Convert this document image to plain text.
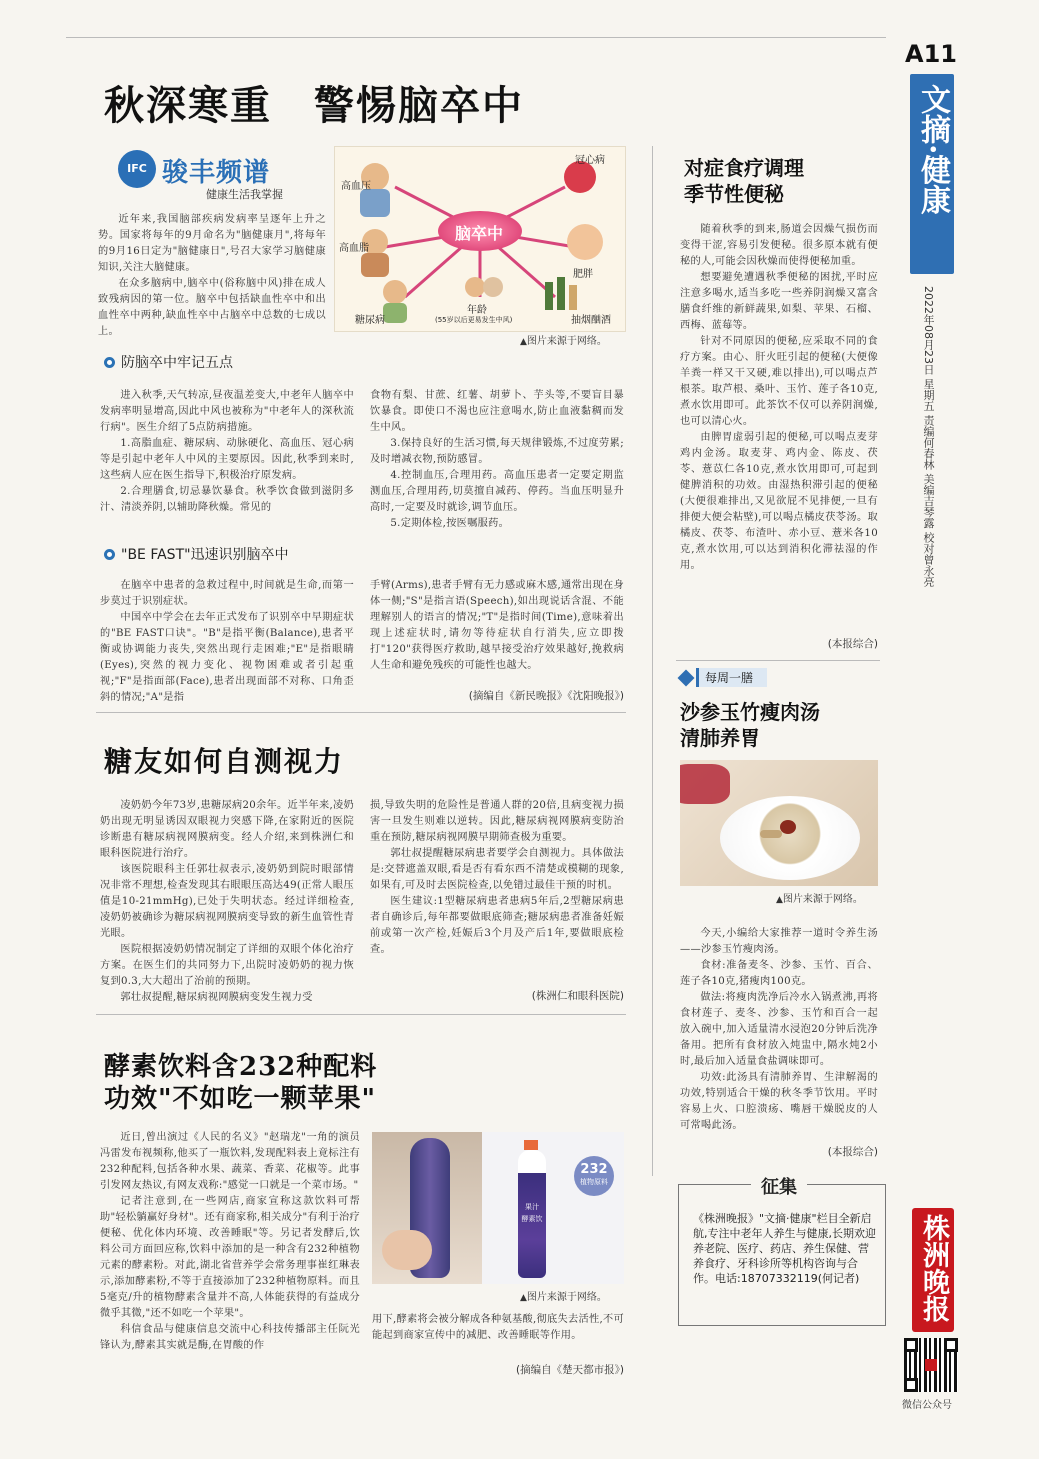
A11
文摘·健康
2022年08月23日 星期五 责编何春林 美编吉琴露 校对曾永亮
株洲晚报
微信公众号
秋深寒重　警惕脑卒中
IFC 骏丰频谱
健康生活我掌握

近年来,我国脑部疾病发病率呈逐年上升之势。国家将每年的9月命名为"脑健康月",将每年的9月16日定为"脑健康日",号召大家学习脑健康知识,关注大脑健康。

在众多脑病中,脑卒中(俗称脑中风)排在成人致残病因的第一位。脑卒中包括缺血性卒中和出血性卒中两种,缺血性卒中占脑卒中总数的七成以上。

脑卒中
高血压
冠心病
高血脂
肥胖
糖尿病	抽烟酗酒
年龄
(55岁以后更易发生中风)
▲图片来源于网络。
防脑卒中牢记五点

进入秋季,天气转凉,昼夜温差变大,中老年人脑卒中发病率明显增高,因此中风也被称为"中老年人的深秋流行病"。医生介绍了5点防病措施。

1.高脂血症、糖尿病、动脉硬化、高血压、冠心病等是引起中老年人中风的主要原因。因此,秋季到来时,这些病人应在医生指导下,积极治疗原发病。

2.合理膳食,切忌暴饮暴食。秋季饮食做到滋阴多汁、清淡养阴,以辅助降秋燥。常见的

食物有梨、甘蔗、红薯、胡萝卜、芋头等,不要盲目暴饮暴食。即使口不渴也应注意喝水,防止血液黏稠而发生中风。

3.保持良好的生活习惯,每天规律锻炼,不过度劳累;及时增减衣物,预防感冒。

4.控制血压,合理用药。高血压患者一定要定期监测血压,合理用药,切莫擅自减药、停药。当血压明显升高时,一定要及时就诊,调节血压。

5.定期体检,按医嘱服药。

"BE FAST"迅速识别脑卒中

在脑卒中患者的急救过程中,时间就是生命,而第一步莫过于识别症状。

中国卒中学会在去年正式发布了识别卒中早期症状的"BE FAST口诀"。"B"是指平衡(Balance),患者平衡或协调能力丧失,突然出现行走困难;"E"是指眼睛(Eyes),突然的视力变化、视物困难或者引起重视;"F"是指面部(Face),患者出现面部不对称、口角歪斜的情况;"A"是指

手臂(Arms),患者手臂有无力感或麻木感,通常出现在身体一侧;"S"是指言语(Speech),如出现说话含混、不能理解别人的语言的情况;"T"是指时间(Time),意味着出现上述症状时,请勿等待症状自行消失,应立即拨打"120"获得医疗救助,越早接受治疗效果越好,挽救病人生命和避免残疾的可能性也越大。

(摘编自《新民晚报》《沈阳晚报》)
糖友如何自测视力

凌奶奶今年73岁,患糖尿病20余年。近半年来,凌奶奶出现无明显诱因双眼视力突感下降,在家附近的医院诊断患有糖尿病视网膜病变。经人介绍,来到株洲仁和眼科医院进行治疗。

该医院眼科主任郭壮叔表示,凌奶奶到院时眼部情况非常不理想,检查发现其右眼眼压高达49(正常人眼压值是10-21mmHg),已处于失明状态。经过详细检查,凌奶奶被确诊为糖尿病视网膜病变导致的新生血管性青光眼。

医院根据凌奶奶情况制定了详细的双眼个体化治疗方案。在医生们的共同努力下,出院时凌奶奶的视力恢复到0.3,大大超出了治前的预期。

郭壮叔提醒,糖尿病视网膜病变发生视力受

损,导致失明的危险性是普通人群的20倍,且病变视力损害一旦发生则难以逆转。因此,糖尿病视网膜病变防治重在预防,糖尿病视网膜早期筛查极为重要。

郭壮叔提醒糖尿病患者要学会自测视力。具体做法是:交替遮盖双眼,看是否有看东西不清楚或模糊的现象,如果有,可及时去医院检查,以免错过最佳干预的时机。

医生建议:1型糖尿病患者患病5年后,2型糖尿病患者自确诊后,每年都要做眼底筛查;糖尿病患者准备妊娠前或第一次产检,妊娠后3个月及产后1年,要做眼底检查。

(株洲仁和眼科医院)
酵素饮料含232种配料
功效"不如吃一颗苹果"

近日,曾出演过《人民的名义》"赵瑞龙"一角的演员冯雷发布视频称,他买了一瓶饮料,发现配料表上竟标注有232种配料,包括各种水果、蔬菜、香菜、花椒等。此事引发网友热议,有网友戏称:"感觉一口就是一个菜市场。"

记者注意到,在一些网店,商家宣称这款饮料可帮助"轻松躺赢好身材"。还有商家称,相关成分"有利于治疗便秘、优化体内环境、改善睡眠"等。另记者发酵后,饮料公司方面回应称,饮料中添加的是一种含有232种植物元素的酵素粉。对此,湖北省营养学会常务理事崔红琳表示,添加酵素粉,不等于直接添加了232种植物原料。而且5毫克/升的植物酵素含量并不高,人体能获得的有益成分微乎其微,"还不如吃一个苹果"。

科信食品与健康信息交流中心科技传播部主任阮光锋认为,酵素其实就是酶,在胃酸的作

果汁
酵素饮
232
植物原料
▲图片来源于网络。

用下,酵素将会被分解成各种氨基酸,彻底失去活性,不可能起到商家宣传中的减肥、改善睡眠等作用。

(摘编自《楚天都市报》)
对症食疗调理
季节性便秘

随着秋季的到来,肠道会因燥气损伤而变得干涩,容易引发便秘。很多原本就有便秘的人,可能会因秋燥而使得便秘加重。

想要避免遭遇秋季便秘的困扰,平时应注意多喝水,适当多吃一些养阴润燥又富含膳食纤维的新鲜蔬果,如梨、苹果、石榴、西梅、蓝莓等。

针对不同原因的便秘,应采取不同的食疗方案。由心、肝火旺引起的便秘(大便像羊粪一样又干又硬,难以排出),可以喝点芦根茶。取芦根、桑叶、玉竹、莲子各10克,煮水饮用即可。此茶饮不仅可以养阴润燥,也可以清心火。

由脾胃虚弱引起的便秘,可以喝点麦芽鸡内金汤。取麦芽、鸡内金、陈皮、茯苓、薏苡仁各10克,煮水饮用即可,可起到健脾消积的功效。由湿热积滞引起的便秘(大便很难排出,又见欲屁不见排便,一旦有排便大便会粘壁),可以喝点橘皮茯苓汤。取橘皮、茯苓、布渣叶、赤小豆、薏米各10克,煮水饮用,可以达到消积化滞祛湿的作用。

(本报综合)
每周一膳
沙参玉竹瘦肉汤
清肺养胃
▲图片来源于网络。

今天,小编给大家推荐一道时令养生汤——沙参玉竹瘦肉汤。

食材:准备麦冬、沙参、玉竹、百合、莲子各10克,猪瘦肉100克。

做法:将瘦肉洗净后冷水入锅煮沸,再将食材莲子、麦冬、沙参、玉竹和百合一起放入碗中,加入适量清水浸泡20分钟后洗净备用。把所有食材放入炖盅中,隔水炖2小时,最后加入适量食盐调味即可。

功效:此汤具有清肺养胃、生津解渴的功效,特别适合干燥的秋冬季节饮用。平时容易上火、口腔溃疡、嘴唇干燥脱皮的人可常喝此汤。

(本报综合)
征集
《株洲晚报》"文摘·健康"栏目全新启航,专注中老年人养生与健康,长期欢迎养老院、医疗、药店、养生保健、营养食疗、牙科诊所等机构咨询与合作。电话:18707332119(何记者)
